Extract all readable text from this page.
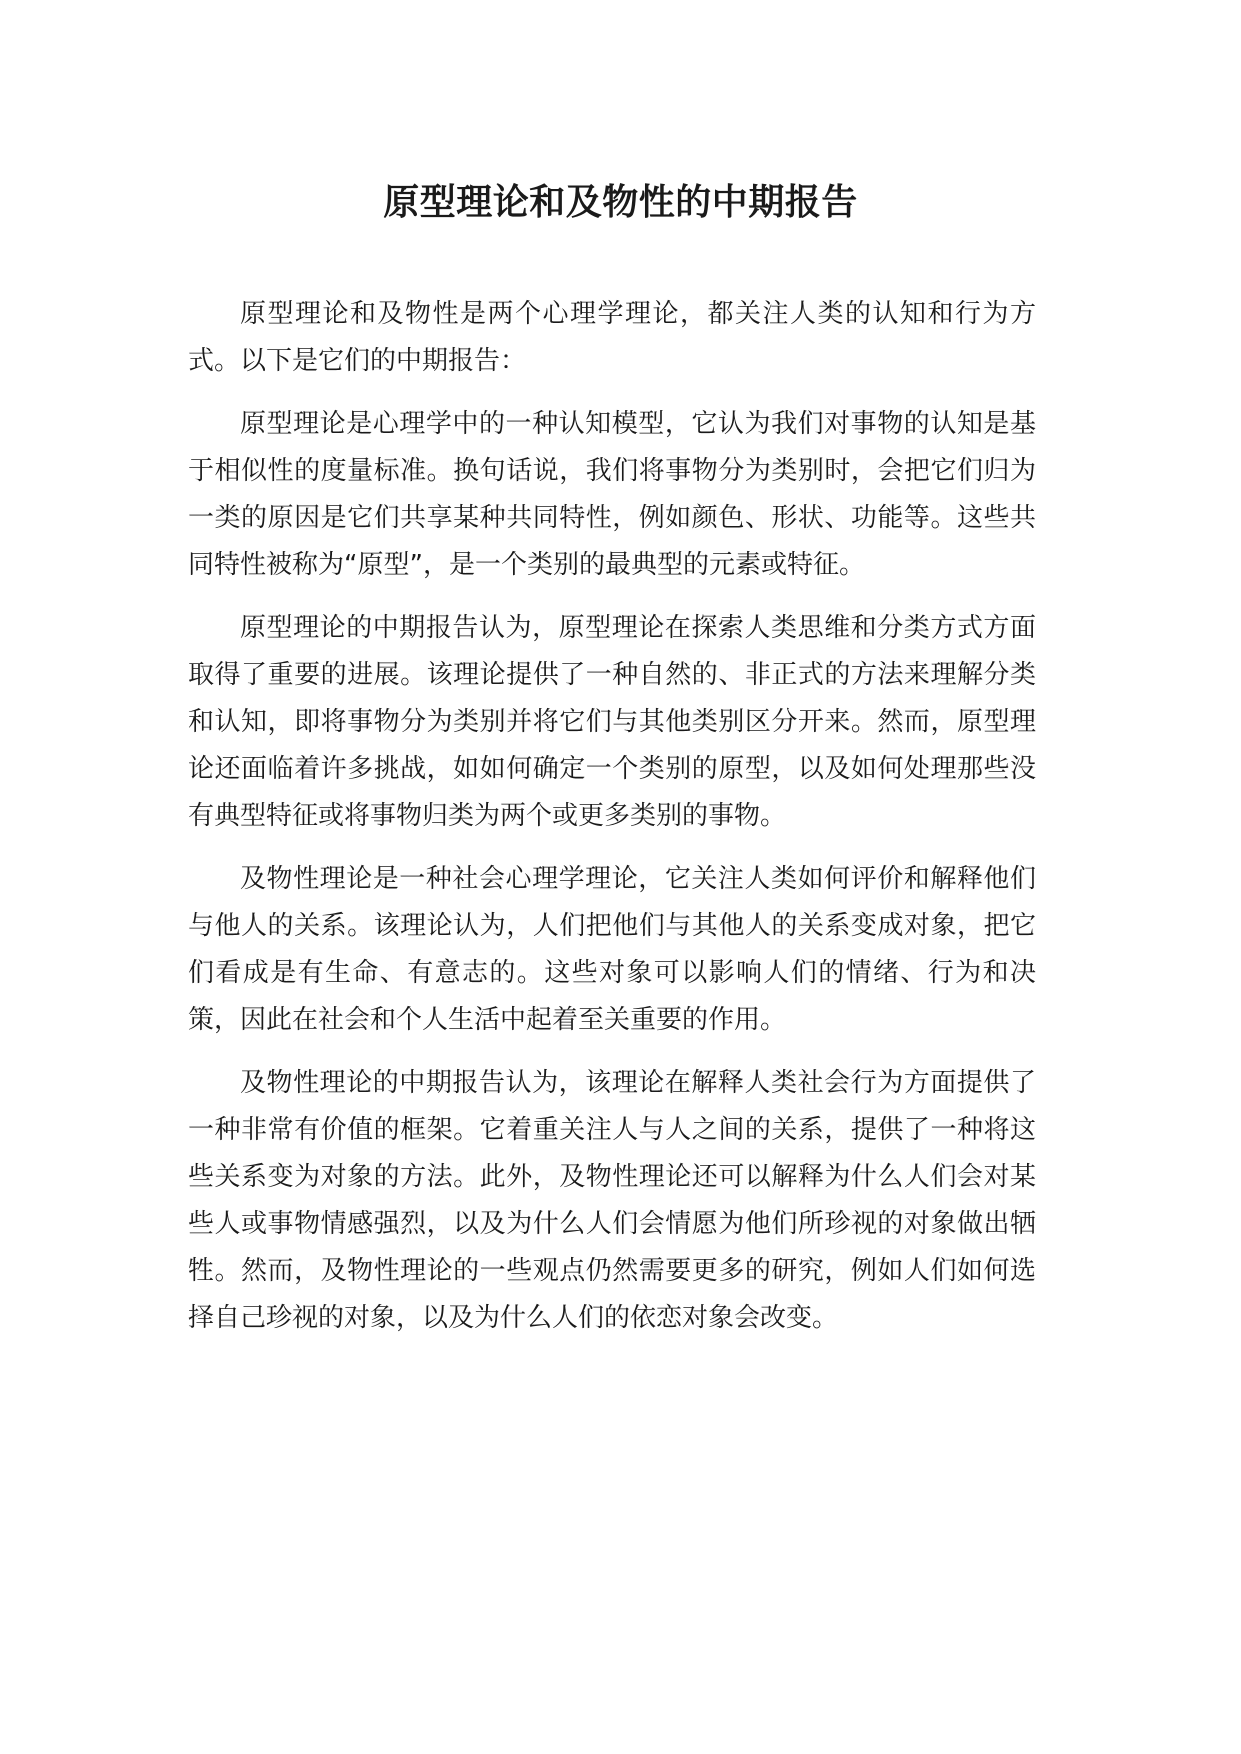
原型理论和及物性的中期报告

原型理论和及物性是两个心理学理论，都关注人类的认知和行为方式。以下是它们的中期报告：

原型理论是心理学中的一种认知模型，它认为我们对事物的认知是基于相似性的度量标准。换句话说，我们将事物分为类别时，会把它们归为一类的原因是它们共享某种共同特性，例如颜色、形状、功能等。这些共同特性被称为“原型”，是一个类别的最典型的元素或特征。

原型理论的中期报告认为，原型理论在探索人类思维和分类方式方面取得了重要的进展。该理论提供了一种自然的、非正式的方法来理解分类和认知，即将事物分为类别并将它们与其他类别区分开来。然而，原型理论还面临着许多挑战，如如何确定一个类别的原型，以及如何处理那些没有典型特征或将事物归类为两个或更多类别的事物。

及物性理论是一种社会心理学理论，它关注人类如何评价和解释他们与他人的关系。该理论认为，人们把他们与其他人的关系变成对象，把它们看成是有生命、有意志的。这些对象可以影响人们的情绪、行为和决策，因此在社会和个人生活中起着至关重要的作用。

及物性理论的中期报告认为，该理论在解释人类社会行为方面提供了一种非常有价值的框架。它着重关注人与人之间的关系，提供了一种将这些关系变为对象的方法。此外，及物性理论还可以解释为什么人们会对某些人或事物情感强烈，以及为什么人们会情愿为他们所珍视的对象做出牺牲。然而，及物性理论的一些观点仍然需要更多的研究，例如人们如何选择自己珍视的对象，以及为什么人们的依恋对象会改变。
